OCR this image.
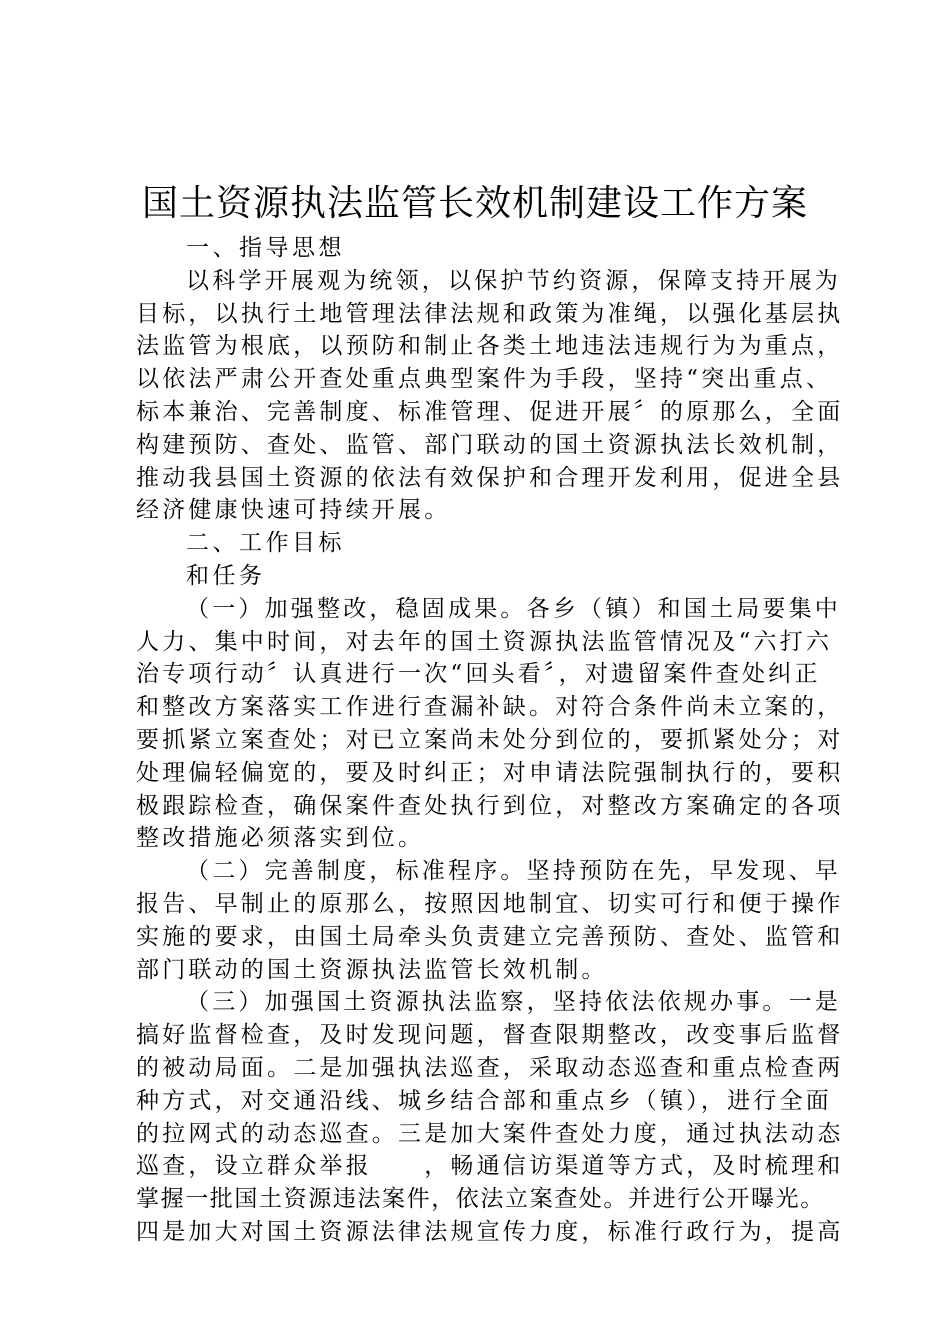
国土资源执法监管长效机制建设工作方案
一、指导思想
以科学开展观为统领，以保护节约资源，保障支持开展为
目标，以执行土地管理法律法规和政策为准绳，以强化基层执
法监管为根底，以预防和制止各类土地违法违规行为为重点，
以依法严肃公开查处重点典型案件为手段，坚持“突出重点、
标本兼治、完善制度、标准管理、促进开展〞的原那么，全面
构建预防、查处、监管、部门联动的国土资源执法长效机制，
推动我县国土资源的依法有效保护和合理开发利用，促进全县
经济健康快速可持续开展。
二、工作目标
和任务
（一）加强整改，稳固成果。各乡（镇）和国土局要集中
人力、集中时间，对去年的国土资源执法监管情况及“六打六
治专项行动〞认真进行一次“回头看〞，对遗留案件查处纠正
和整改方案落实工作进行查漏补缺。对符合条件尚未立案的，
要抓紧立案查处；对已立案尚未处分到位的，要抓紧处分；对
处理偏轻偏宽的，要及时纠正；对申请法院强制执行的，要积
极跟踪检查，确保案件查处执行到位，对整改方案确定的各项
整改措施必须落实到位。
（二）完善制度，标准程序。坚持预防在先，早发现、早
报告、早制止的原那么，按照因地制宜、切实可行和便于操作
实施的要求，由国土局牵头负责建立完善预防、查处、监管和
部门联动的国土资源执法监管长效机制。
（三）加强国土资源执法监察，坚持依法依规办事。一是
搞好监督检查，及时发现问题，督查限期整改，改变事后监督
的被动局面。二是加强执法巡查，采取动态巡查和重点检查两
种方式，对交通沿线、城乡结合部和重点乡（镇），进行全面
的拉网式的动态巡查。三是加大案件查处力度，通过执法动态
巡查，设立群众举报　　，畅通信访渠道等方式，及时梳理和
掌握一批国土资源违法案件，依法立案查处。并进行公开曝光。
四是加大对国土资源法律法规宣传力度，标准行政行为，提高
